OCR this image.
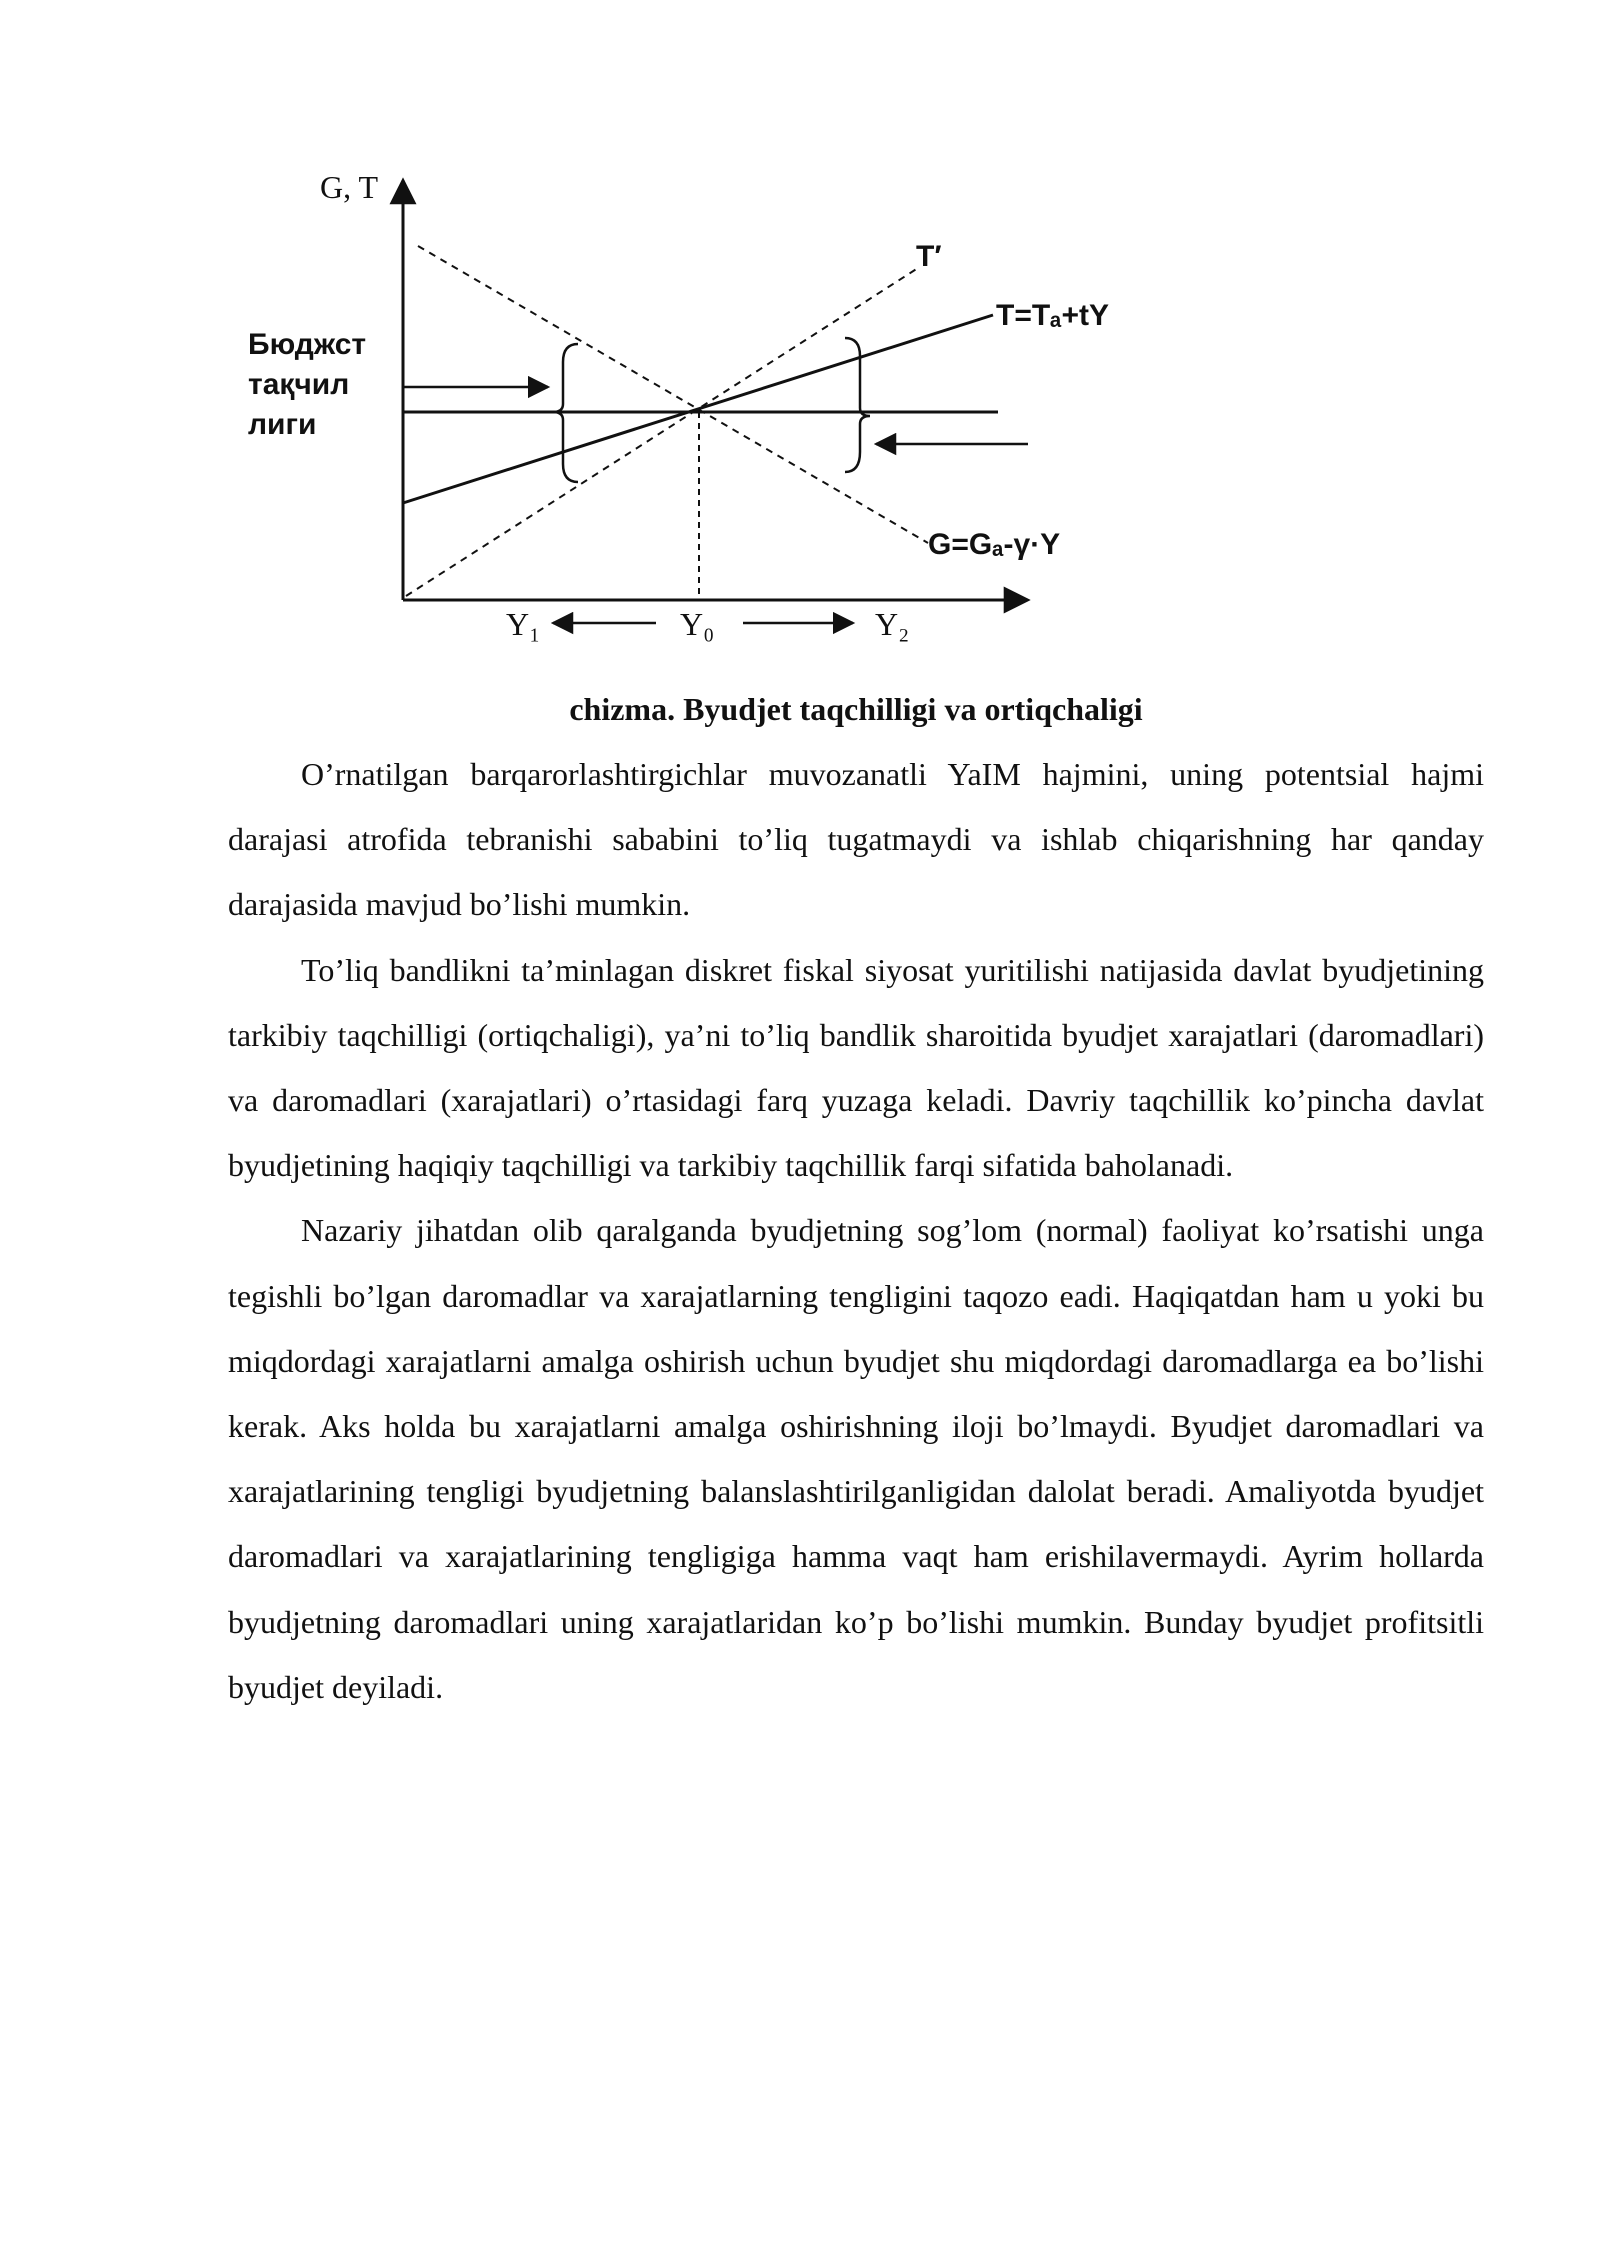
G, T
Бюджст
тақчил
лиги
T′
T=Tₐ+tY
G=Gₐ-γ·Y
Y₁	Y₀	Y₂
chizma. Byudjet taqchilligi va ortiqchaligi

O’rnatilgan barqarorlashtirgichlar muvozanatli YaIM hajmini, uning potentsial hajmi darajasi atrofida tebranishi sababini to’liq tugatmaydi va ishlab chiqarishning har qanday darajasida mavjud bo’lishi mumkin.

To’liq bandlikni ta’minlagan diskret fiskal siyosat yuritilishi natijasida davlat byudjetining tarkibiy taqchilligi (ortiqchaligi), ya’ni to’liq bandlik sharoitida byudjet xarajatlari (daromadlari) va daromadlari (xarajatlari) o’rtasidagi farq yuzaga keladi. Davriy taqchillik ko’pincha davlat byudjetining haqiqiy taqchilligi va tarkibiy taqchillik farqi sifatida baholanadi.

Nazariy jihatdan olib qaralganda byudjetning sog’lom (normal) faoliyat ko’rsatishi unga tegishli bo’lgan daromadlar va xarajatlarning tengligini taqozo eadi. Haqiqatdan ham u yoki bu miqdordagi xarajatlarni amalga oshirish uchun byudjet shu miqdordagi daromadlarga ea bo’lishi kerak. Aks holda bu xarajatlarni amalga oshirishning iloji bo’lmaydi. Byudjet daromadlari va xarajatlarining tengligi byudjetning balanslashtirilganligidan dalolat beradi. Amaliyotda byudjet daromadlari va xarajatlarining tengligiga hamma vaqt ham erishilavermaydi. Ayrim hollarda byudjetning daromadlari uning xarajatlaridan ko’p bo’lishi mumkin. Bunday byudjet profitsitli byudjet deyiladi.
